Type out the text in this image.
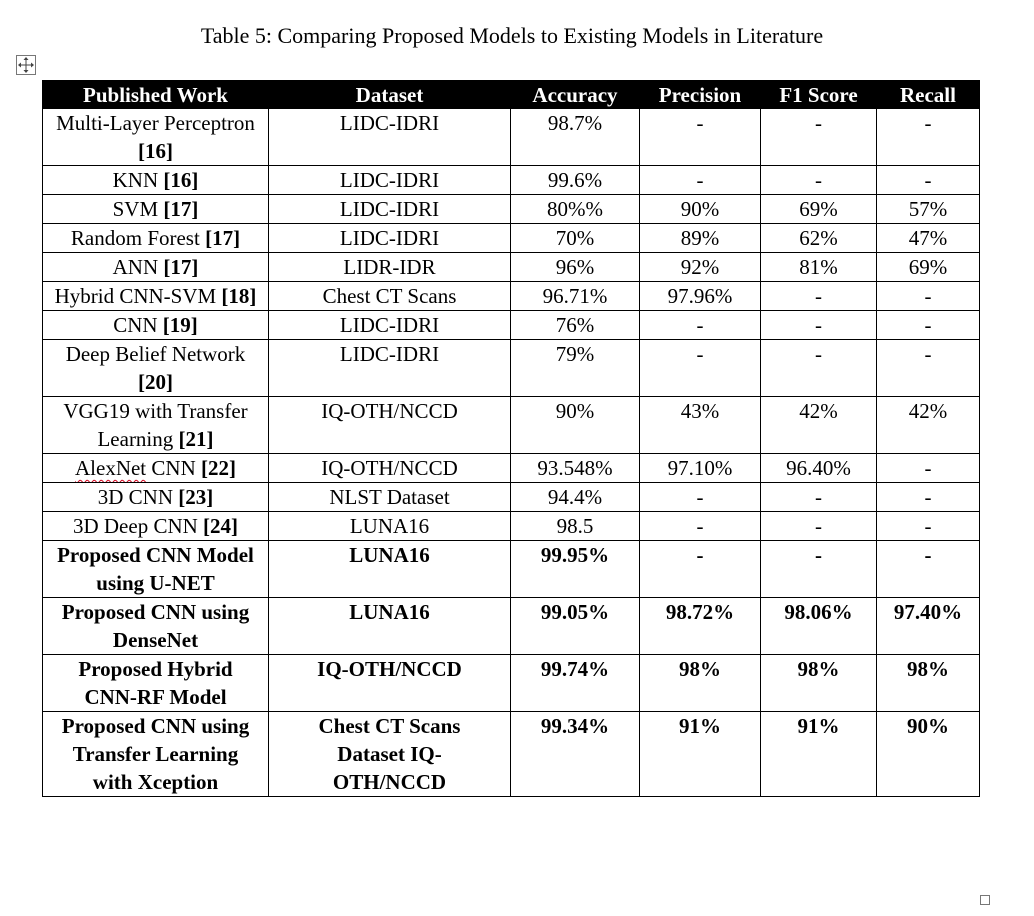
Table 5: Comparing Proposed Models to Existing Models in Literature
Published Work	Dataset	Accuracy	Precision	F1 Score	Recall
Multi-Layer Perceptron [16]	LIDC-IDRI	98.7%	-	-	-
KNN [16]	LIDC-IDRI	99.6%	-	-	-
SVM [17]	LIDC-IDRI	80%%	90%	69%	57%
Random Forest [17]	LIDC-IDRI	70%	89%	62%	47%
ANN [17]	LIDR-IDR	96%	92%	81%	69%
Hybrid CNN-SVM [18]	Chest CT Scans	96.71%	97.96%	-	-
CNN [19]	LIDC-IDRI	76%	-	-	-
Deep Belief Network [20]	LIDC-IDRI	79%	-	-	-
VGG19 with Transfer Learning [21]	IQ-OTH/NCCD	90%	43%	42%	42%
AlexNet CNN [22]	IQ-OTH/NCCD	93.548%	97.10%	96.40%	-
3D CNN [23]	NLST Dataset	94.4%	-	-	-
3D Deep CNN [24]	LUNA16	98.5	-	-	-
Proposed CNN Model using U-NET	LUNA16	99.95%	-	-	-
Proposed CNN using DenseNet	LUNA16	99.05%	98.72%	98.06%	97.40%
Proposed Hybrid CNN-RF Model	IQ-OTH/NCCD	99.74%	98%	98%	98%
Proposed CNN using Transfer Learning with Xception	Chest CT Scans Dataset IQ-OTH/NCCD	99.34%	91%	91%	90%
